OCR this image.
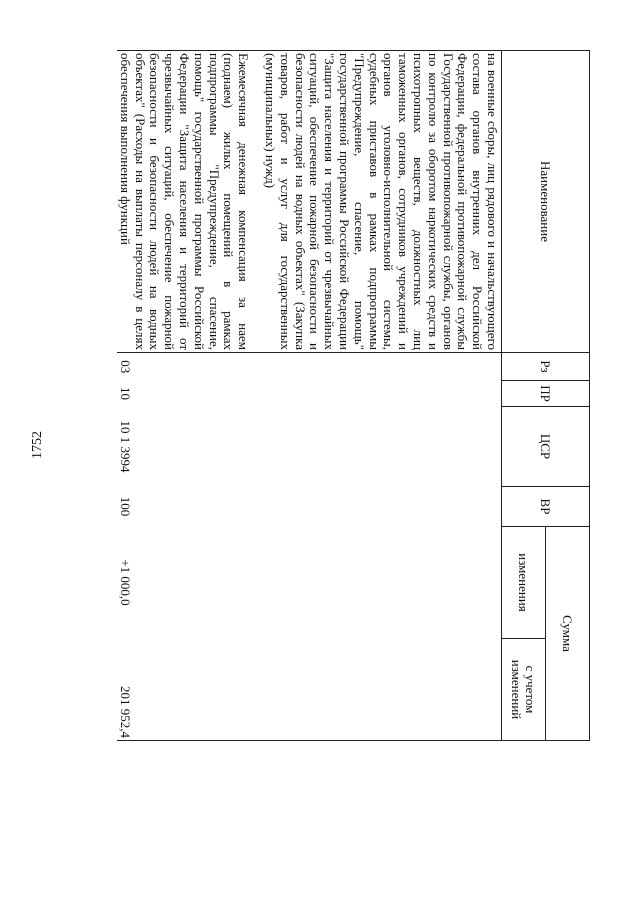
1752
Наименование	Рз	ПР	ЦСР	ВР	Сумма	
					изменения	с учетом изменений

на военные сборы, лиц рядового и начальствующего состава органов внутренних дел Российской Федерации, федеральной противопожарной службы Государственной противопожарной службы, органов по контролю за оборотом наркотических средств и психотропных веществ, должностных лиц таможенных органов, сотрудников учреждений и органов уголовно-исполнительной системы, судебных приставов в рамках подпрограммы "Предупреждение, спасение, помощь" государственной программы Российской Федерации "Защита населения и территорий от чрезвычайных ситуаций, обеспечение пожарной безопасности и безопасности людей на водных объектах" (Закупка товаров, работ и услуг для государственных (муниципальных) нужд)						

Ежемесячная денежная компенсация за наем (поднаем) жилых помещений в рамках подпрограммы "Предупреждение, спасение, помощь" государственной программы Российской Федерации "Защита населения и территорий от чрезвычайных ситуаций, обеспечение пожарной безопасности и безопасности людей на водных объектах" (Расходы на выплаты персоналу в целях обеспечения выполнения функций	03	10	10 1 3994	100	+1 000,0	201 952,4
